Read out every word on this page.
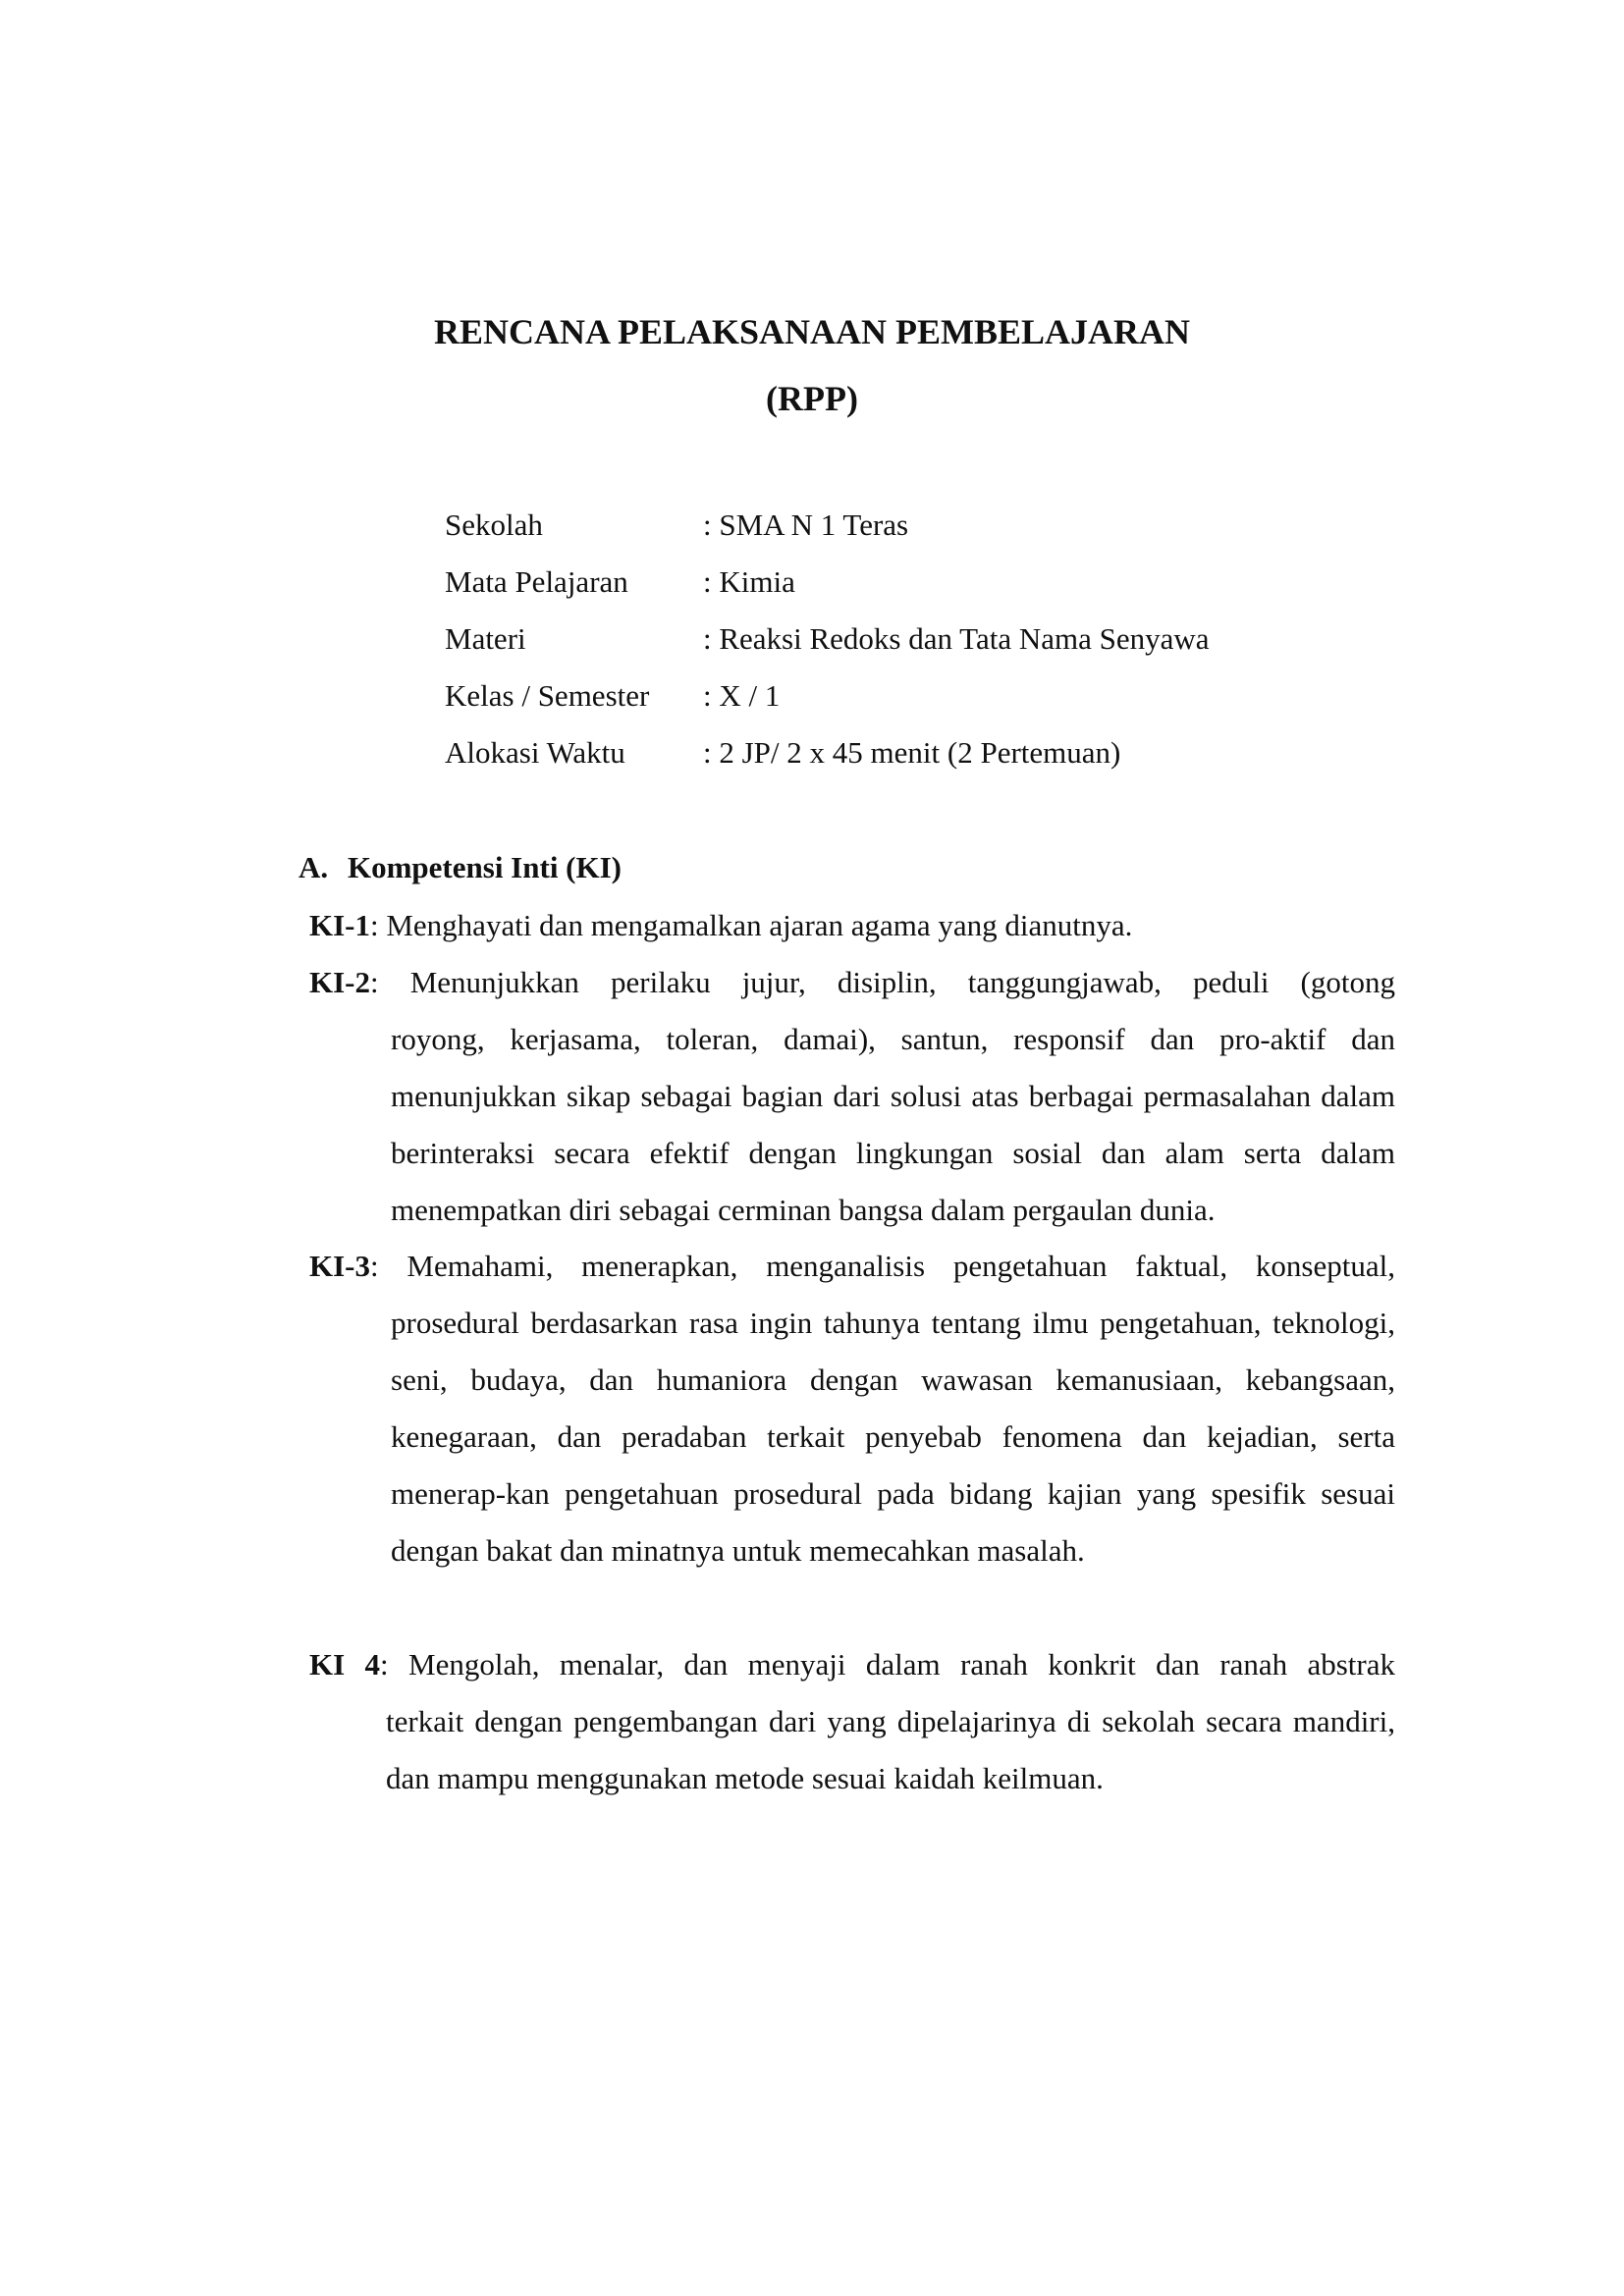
RENCANA PELAKSANAAN PEMBELAJARAN
(RPP)
Sekolah	: SMA N 1 Teras
Mata Pelajaran	: Kimia
Materi	: Reaksi Redoks dan Tata Nama Senyawa
Kelas / Semester	: X / 1
Alokasi Waktu	: 2 JP/ 2 x 45 menit (2 Pertemuan)
A. Kompetensi Inti (KI)
KI-1: Menghayati dan mengamalkan ajaran agama yang dianutnya.
KI-2: Menunjukkan perilaku jujur, disiplin, tanggungjawab, peduli (gotong
royong, kerjasama, toleran, damai), santun, responsif dan pro-aktif dan menunjukkan sikap sebagai bagian dari solusi atas berbagai permasalahan dalam berinteraksi secara efektif dengan lingkungan sosial dan alam serta dalam menempatkan diri sebagai cerminan bangsa dalam pergaulan dunia.
KI-3: Memahami, menerapkan, menganalisis pengetahuan faktual, konseptual,
prosedural berdasarkan rasa ingin tahunya tentang ilmu pengetahuan, teknologi, seni, budaya, dan humaniora dengan wawasan kemanusiaan, kebangsaan, kenegaraan, dan peradaban terkait penyebab fenomena dan kejadian, serta menerap-kan pengetahuan prosedural pada bidang kajian yang spesifik sesuai dengan bakat dan minatnya untuk memecahkan masalah.
KI 4: Mengolah, menalar, dan menyaji dalam ranah konkrit dan ranah abstrak
terkait dengan pengembangan dari yang dipelajarinya di sekolah secara mandiri, dan mampu menggunakan metode sesuai kaidah keilmuan.
